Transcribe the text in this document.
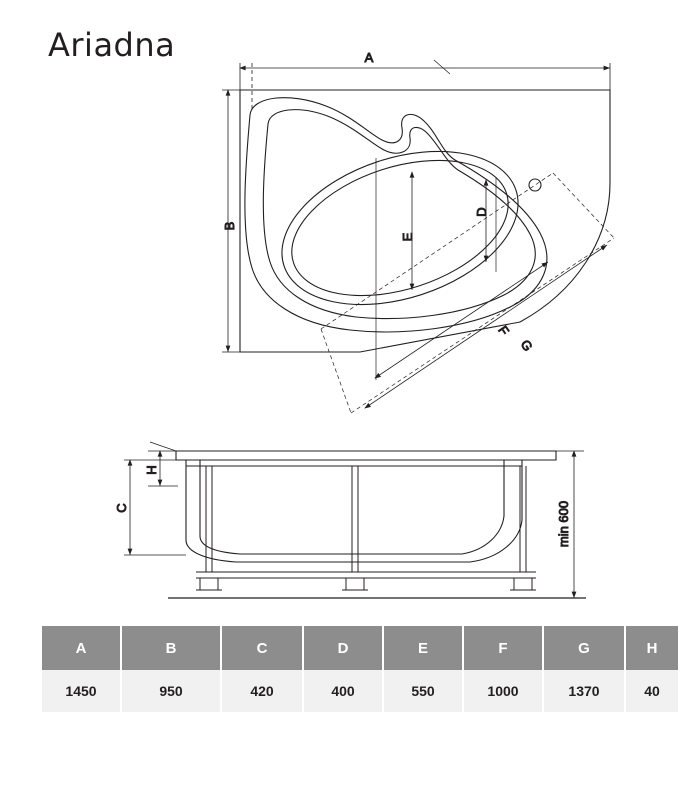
Ariadna	A
B
D
E
F
G
C
H
min 600
A	B	C	D	E	F	G	H
1450	950	420	400	550	1000	1370	40
